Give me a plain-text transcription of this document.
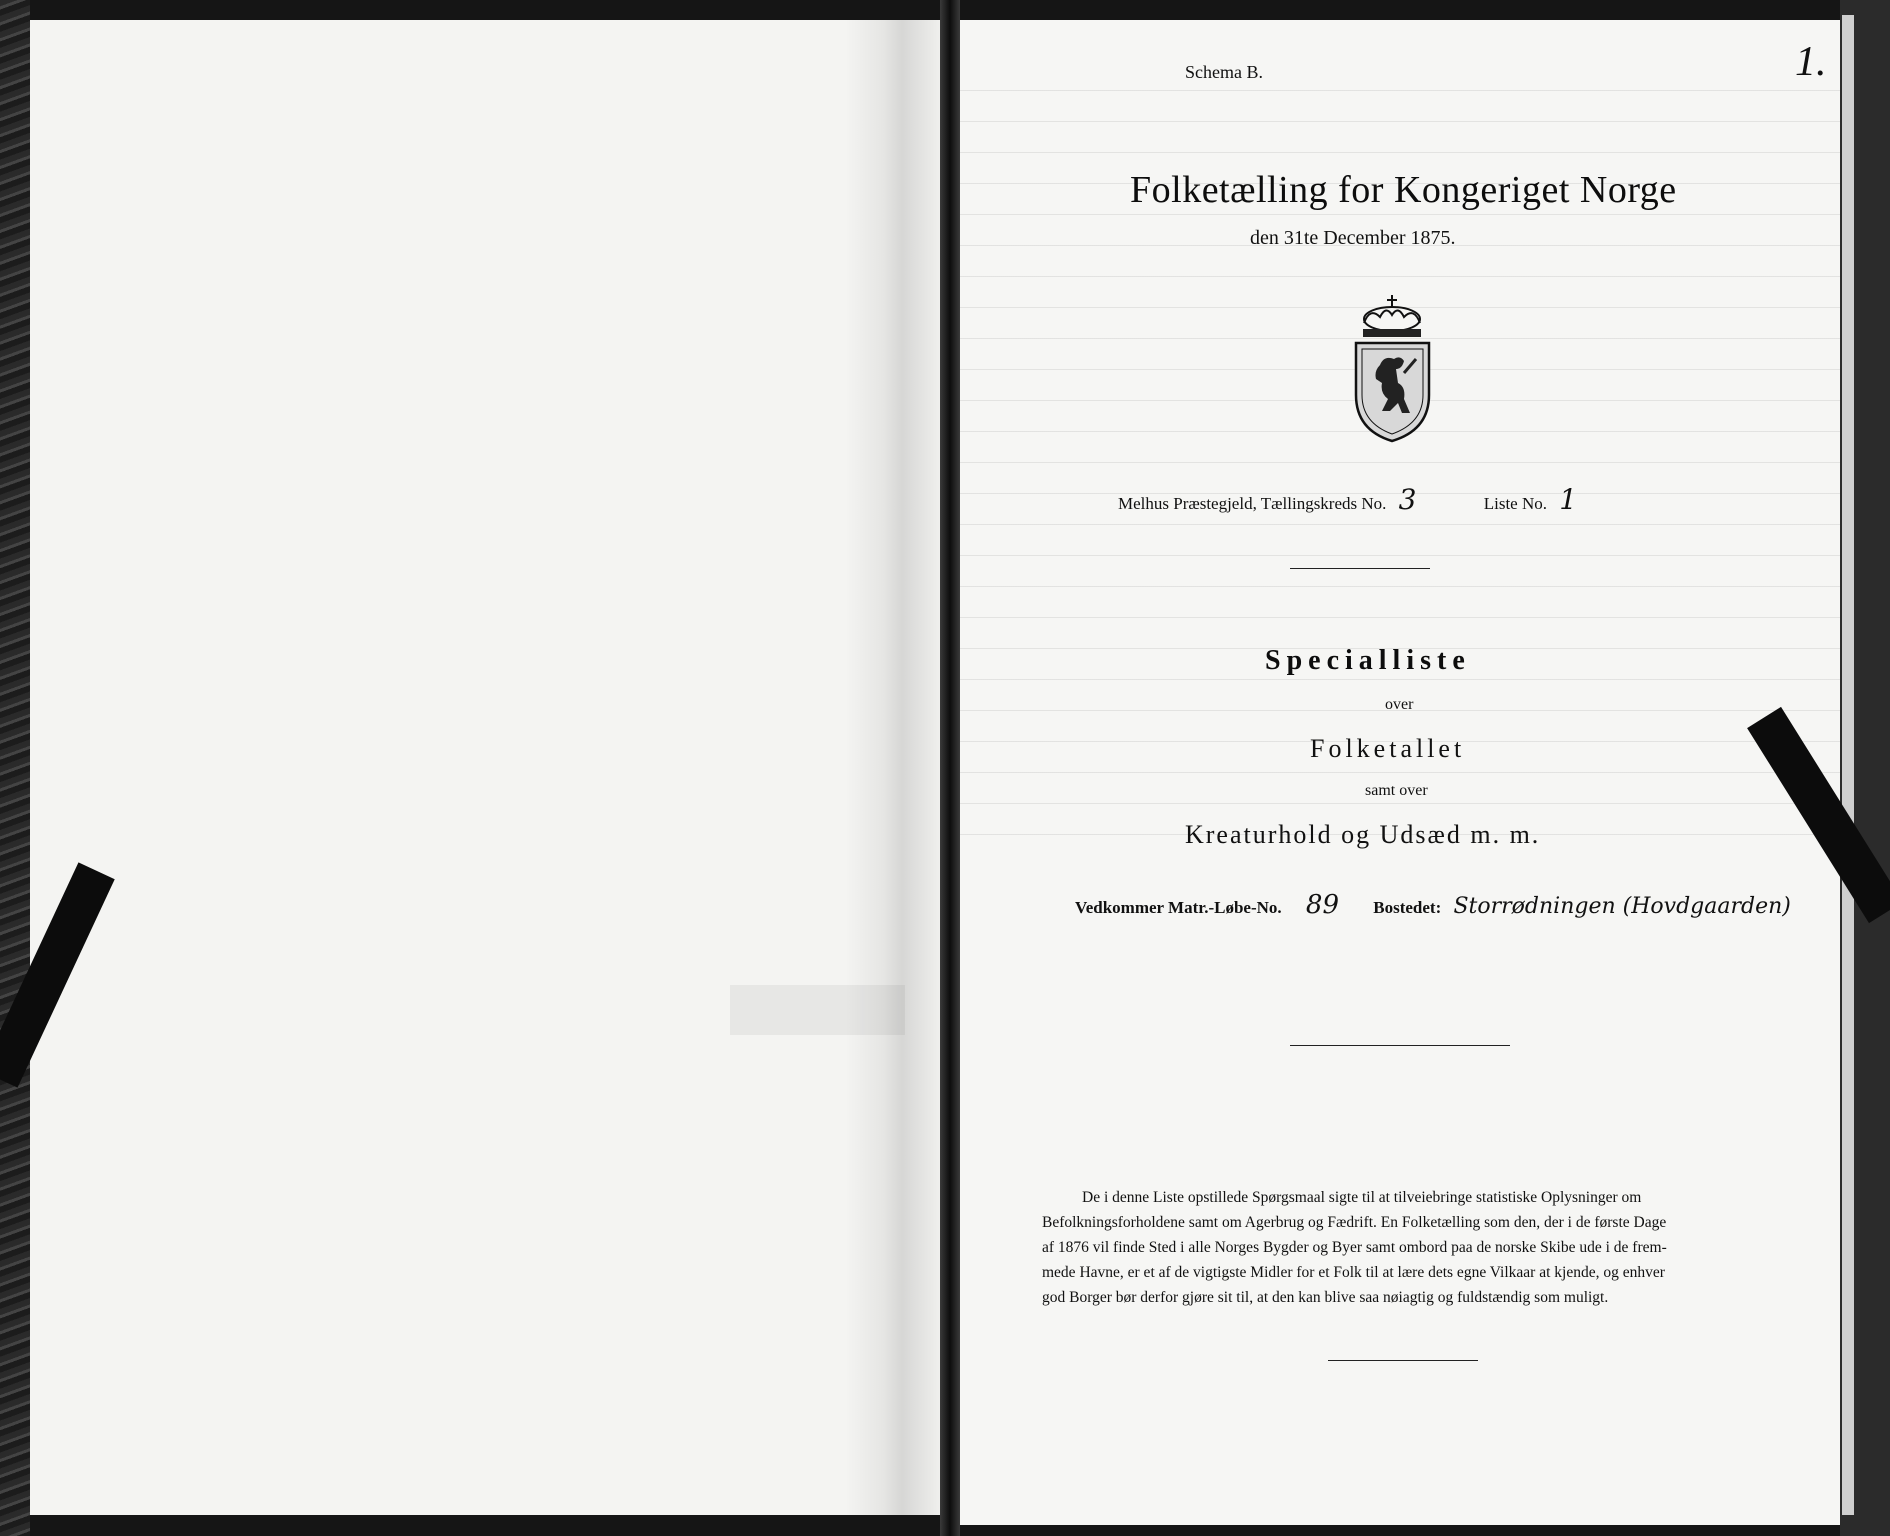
Schema B.	1.
Folketælling for Kongeriget Norge
den 31te December 1875.
Melhus Præstegjeld, Tællingskreds No. 3	Liste No. 1
Specialliste
over
Folketallet
samt over
Kreaturhold og Udsæd m. m.
Vedkommer Matr.-Løbe-No. 89 Bostedet: Storrødningen (Hovdgaarden)
De i denne Liste opstillede Spørgsmaal sigte til at tilveiebringe statistiske Oplysninger om
Befolkningsforholdene samt om Agerbrug og Fædrift. En Folketælling som den, der i de første Dage
af 1876 vil finde Sted i alle Norges Bygder og Byer samt ombord paa de norske Skibe ude i de frem-
mede Havne, er et af de vigtigste Midler for et Folk til at lære dets egne Vilkaar at kjende, og enhver
god Borger bør derfor gjøre sit til, at den kan blive saa nøiagtig og fuldstændig som muligt.
